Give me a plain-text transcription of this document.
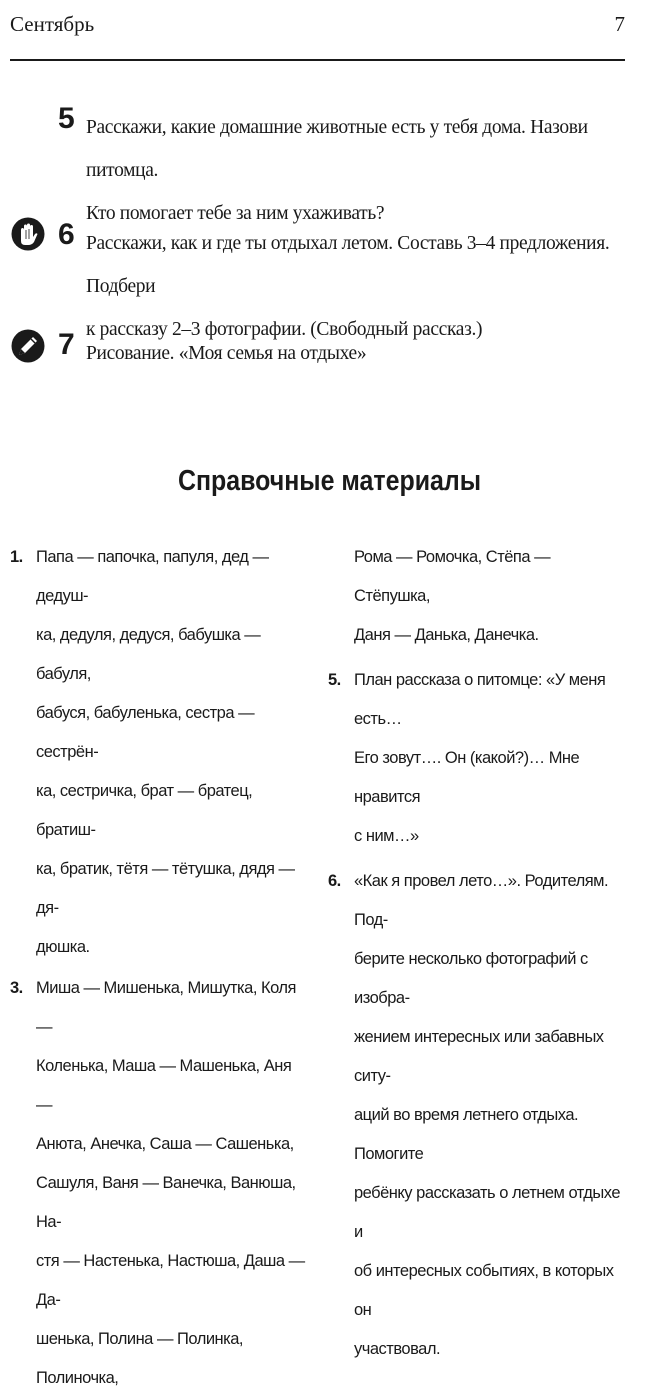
Сентябрь	7
5 Расскажи, какие домашние животные есть у тебя дома. Назови питомца.
Кто помогает тебе за ним ухаживать?
6 Расскажи, как и где ты отдыхал летом. Составь 3–4 предложения. Подбери
к рассказу 2–3 фотографии. (Свободный рассказ.)
7 Рисование. «Моя семья на отдыхе»
Справочные материалы
1. Папа — папочка, папуля, дед — дедуш-
ка, дедуля, дедуся, бабушка — бабуля,
бабуся, бабуленька, сестра — сестрён-
ка, сестричка, брат — братец, братиш-
ка, братик, тётя — тётушка, дядя — дя-
дюшка.
3. Миша — Мишенька, Мишутка, Коля —
Коленька, Маша — Машенька, Аня —
Анюта, Анечка, Саша — Сашенька,
Сашуля, Ваня — Ванечка, Ванюша, На-
стя — Настенька, Настюша, Даша — Да-
шенька, Полина — Полинка, Полиночка,
Рома — Ромочка, Стёпа — Стёпушка,
Даня — Данька, Данечка.
5. План рассказа о питомце: «У меня есть…
Его зовут…. Он (какой?)… Мне нравится
с ним…»
6. «Как я провел лето…». Родителям. Под-
берите несколько фотографий с изобра-
жением интересных или забавных ситу-
аций во время летнего отдыха. Помогите
ребёнку рассказать о летнем отдыхе и
об интересных событиях, в которых он
участвовал.
